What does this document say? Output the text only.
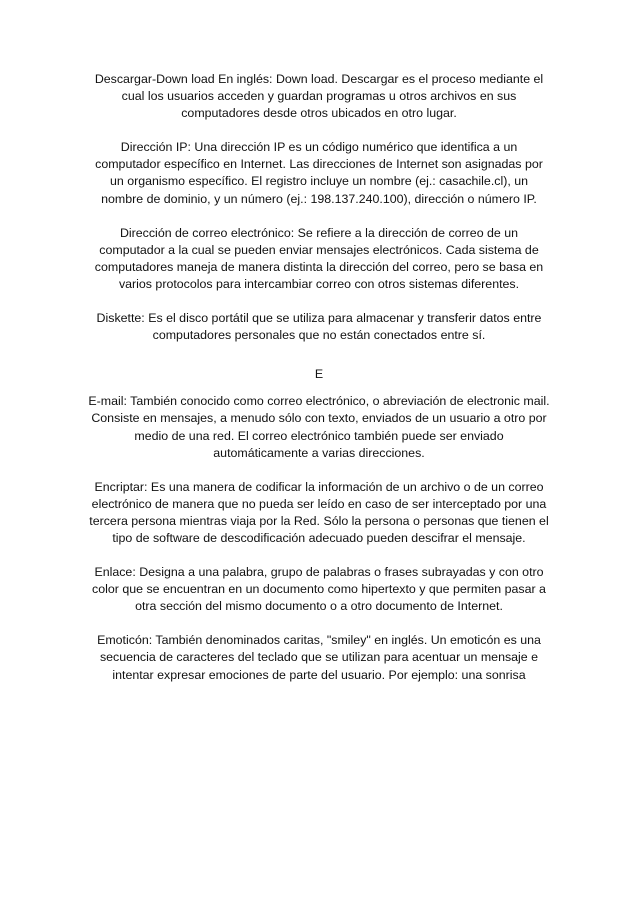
Descargar-Down load En inglés: Down load. Descargar es el proceso mediante el cual los usuarios acceden y guardan programas u otros archivos en sus computadores desde otros ubicados en otro lugar.

Dirección IP: Una dirección IP es un código numérico que identifica a un computador específico en Internet. Las direcciones de Internet son asignadas por un organismo específico. El registro incluye un nombre (ej.: casachile.cl), un nombre de dominio, y un número (ej.: 198.137.240.100), dirección o número IP.

Dirección de correo electrónico: Se refiere a la dirección de correo de un computador a la cual se pueden enviar mensajes electrónicos. Cada sistema de computadores maneja de manera distinta la dirección del correo, pero se basa en varios protocolos para intercambiar correo con otros sistemas diferentes.

Diskette: Es el disco portátil que se utiliza para almacenar y transferir datos entre computadores personales que no están conectados entre sí.

E

E-mail: También conocido como correo electrónico, o abreviación de electronic mail. Consiste en mensajes, a menudo sólo con texto, enviados de un usuario a otro por medio de una red. El correo electrónico también puede ser enviado automáticamente a varias direcciones.

Encriptar: Es una manera de codificar la información de un archivo o de un correo electrónico de manera que no pueda ser leído en caso de ser interceptado por una tercera persona mientras viaja por la Red. Sólo la persona o personas que tienen el tipo de software de descodificación adecuado pueden descifrar el mensaje.

Enlace: Designa a una palabra, grupo de palabras o frases subrayadas y con otro color que se encuentran en un documento como hipertexto y que permiten pasar a otra sección del mismo documento o a otro documento de Internet.

Emoticón: También denominados caritas, "smiley" en inglés. Un emoticón es una secuencia de caracteres del teclado que se utilizan para acentuar un mensaje e intentar expresar emociones de parte del usuario. Por ejemplo: una sonrisa
